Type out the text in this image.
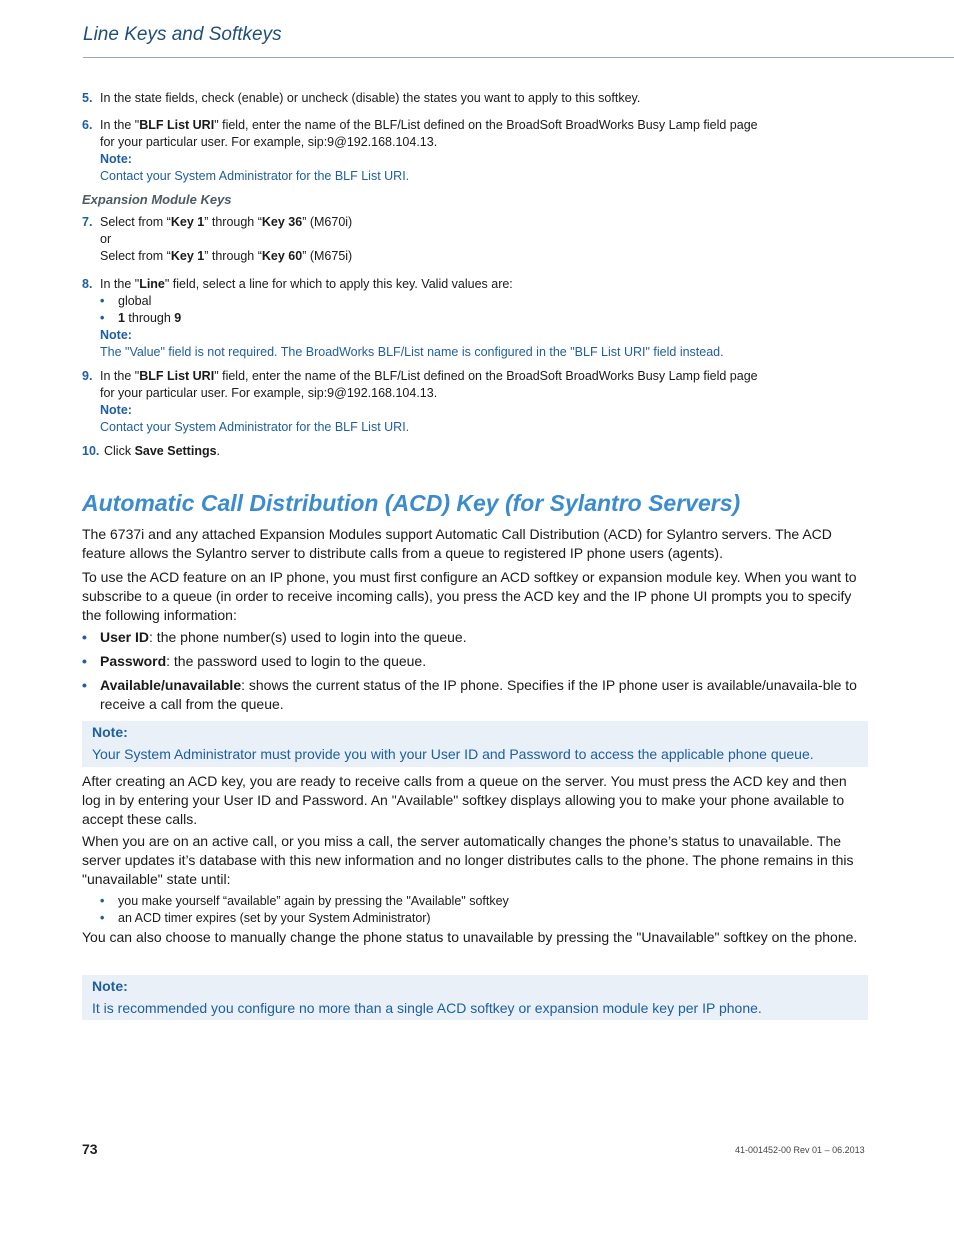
Line Keys and Softkeys
5. In the state fields, check (enable) or uncheck (disable) the states you want to apply to this softkey.
6. In the "BLF List URI" field, enter the name of the BLF/List defined on the BroadSoft BroadWorks Busy Lamp field page
for your particular user. For example, sip:9@192.168.104.13.
Note:
Contact your System Administrator for the BLF List URI.
Expansion Module Keys
7. Select from “Key 1” through “Key 36” (M670i)
or
Select from “Key 1” through “Key 60” (M675i)
8. In the "Line" field, select a line for which to apply this key. Valid values are:
• global
• 1 through 9
Note:
The "Value" field is not required. The BroadWorks BLF/List name is configured in the "BLF List URI" field instead.
9. In the "BLF List URI" field, enter the name of the BLF/List defined on the BroadSoft BroadWorks Busy Lamp field page
for your particular user. For example, sip:9@192.168.104.13.
Note:
Contact your System Administrator for the BLF List URI.
10. Click Save Settings.
Automatic Call Distribution (ACD) Key (for Sylantro Servers)
The 6737i and any attached Expansion Modules support Automatic Call Distribution (ACD) for Sylantro servers. The ACD feature allows the Sylantro server to distribute calls from a queue to registered IP phone users (agents).
To use the ACD feature on an IP phone, you must first configure an ACD softkey or expansion module key. When you want to subscribe to a queue (in order to receive incoming calls), you press the ACD key and the IP phone UI prompts you to specify the following information:
• User ID: the phone number(s) used to login into the queue.
• Password: the password used to login to the queue.
• Available/unavailable: shows the current status of the IP phone. Specifies if the IP phone user is available/unavaila-ble to receive a call from the queue.
Note:
Your System Administrator must provide you with your User ID and Password to access the applicable phone queue.
After creating an ACD key, you are ready to receive calls from a queue on the server. You must press the ACD key and then log in by entering your User ID and Password. An "Available" softkey displays allowing you to make your phone available to accept these calls.
When you are on an active call, or you miss a call, the server automatically changes the phone’s status to unavailable. The server updates it’s database with this new information and no longer distributes calls to the phone. The phone remains in this "unavailable" state until:
• you make yourself “available” again by pressing the "Available" softkey
• an ACD timer expires (set by your System Administrator)
You can also choose to manually change the phone status to unavailable by pressing the "Unavailable" softkey on the phone.
Note:
It is recommended you configure no more than a single ACD softkey or expansion module key per IP phone.
73	41-001452-00 Rev 01 – 06.2013
